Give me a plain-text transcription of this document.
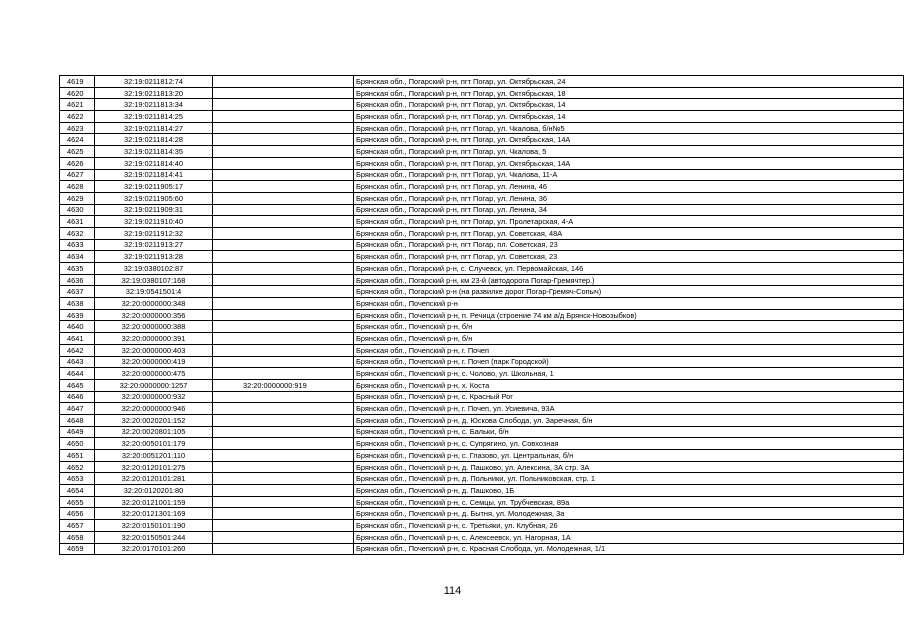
4619	32:19:0211812:74		Брянская обл., Погарский р-н, пгт Погар, ул. Октябрьская, 24
4620	32:19:0211813:20		Брянская обл., Погарский р-н, пгт Погар, ул. Октябрьская, 18
4621	32:19:0211813:34		Брянская обл., Погарский р-н, пгт Погар, ул. Октябрьская, 14
4622	32:19:0211814:25		Брянская обл., Погарский р-н, пгт Погар, ул. Октябрьская, 14
4623	32:19:0211814:27		Брянская обл., Погарский р-н, пгт Погар, ул. Чкалова, б/н№5
4624	32:19:0211814:28		Брянская обл., Погарский р-н, пгт Погар, ул. Октябрьская, 14А
4625	32:19:0211814:35		Брянская обл., Погарский р-н, пгт Погар, ул. Чкалова, 5
4626	32:19:0211814:40		Брянская обл., Погарский р-н, пгт Погар, ул. Октябрьская, 14А
4627	32:19:0211814:41		Брянская обл., Погарский р-н, пгт Погар, ул. Чкалова, 11-А
4628	32:19:0211905:17		Брянская обл., Погарский р-н, пгт Погар, ул. Ленина, 46
4629	32:19:0211905:60		Брянская обл., Погарский р-н, пгт Погар, ул. Ленина, 36
4630	32:19:0211909:31		Брянская обл., Погарский р-н, пгт Погар, ул. Ленина, 34
4631	32:19:0211910:40		Брянская обл., Погарский р-н, пгт Погар, ул. Пролетарская, 4-А
4632	32:19:0211912:32		Брянская обл., Погарский р-н, пгт Погар, ул. Советская, 48А
4633	32:19:0211913:27		Брянская обл., Погарский р-н, пгт Погар, пл. Советская, 23
4634	32:19:0211913:28		Брянская обл., Погарский р-н, пгт Погар, ул. Советская, 23
4635	32:19:0380102:87		Брянская обл., Погарский р-н, с. Случевск, ул. Первомайская, 146
4636	32:19:0380107:168		Брянская обл., Погарский р-н, км 23-й (автодорога Погар-Гремячтер.)
4637	32:19:0541501:4		Брянская обл., Погарский р-н (на развилке дорог Погар-Гремяч-Сопыч)
4638	32:20:0000000:348		Брянская обл., Почепский р-н
4639	32:20:0000000:356		Брянская обл., Почепский р-н, п. Речица (строение 74 км а/д Брянск-Новозыбков)
4640	32:20:0000000:388		Брянская обл., Почепский р-н, б/н
4641	32:20:0000000:391		Брянская обл., Почепский р-н, б/н
4642	32:20:0000000:403		Брянская обл., Почепский р-н, г. Почеп
4643	32:20:0000000:419		Брянская обл., Почепский р-н, г. Почеп (парк Городской)
4644	32:20:0000000:475		Брянская обл., Почепский р-н, с. Чолово, ул. Школьная, 1
4645	32:20:0000000:1257	32:20:0000000:919	Брянская обл., Почепский р-н, х. Коста
4646	32:20:0000000:932		Брянская обл., Почепский р-н, с. Красный Рог
4647	32:20:0000000:946		Брянская обл., Почепский р-н, г. Почеп, ул. Усиевича, 93А
4648	32:20:0020201:152		Брянская обл., Почепский р-н, д. Юскова Слобода, ул. Заречная, б/н
4649	32:20:0020801:105		Брянская обл., Почепский р-н, с. Бальки, б/н
4650	32:20:0050101:179		Брянская обл., Почепский р-н, с. Супрягино, ул. Совхозная
4651	32:20:0051201:110		Брянская обл., Почепский р-н, с. Глазово, ул. Центральная, б/н
4652	32:20:0120101:275		Брянская обл., Почепский р-н, д. Пашково, ул. Алексина, 3А стр. 3А
4653	32:20:0120101:281		Брянская обл., Почепский р-н, д. Польники, ул. Польниковская, стр. 1
4654	32:20:0120201:80		Брянская обл., Почепский р-н, д. Пашково, 1Б
4655	32:20:0121001:159		Брянская обл., Почепский р-н, с. Семцы, ул. Трубчевская, 89а
4656	32:20:0121301:169		Брянская обл., Почепский р-н, д. Бытня, ул. Молодежная, 3а
4657	32:20:0150101:190		Брянская обл., Почепский р-н, с. Третьяки, ул. Клубная, 26
4658	32:20:0150501:244		Брянская обл., Почепский р-н, с. Алексеевск, ул. Нагорная, 1А
4659	32:20:0170101:260		Брянская обл., Почепский р-н, с. Красная Слобода, ул. Молодежная, 1/1
114
